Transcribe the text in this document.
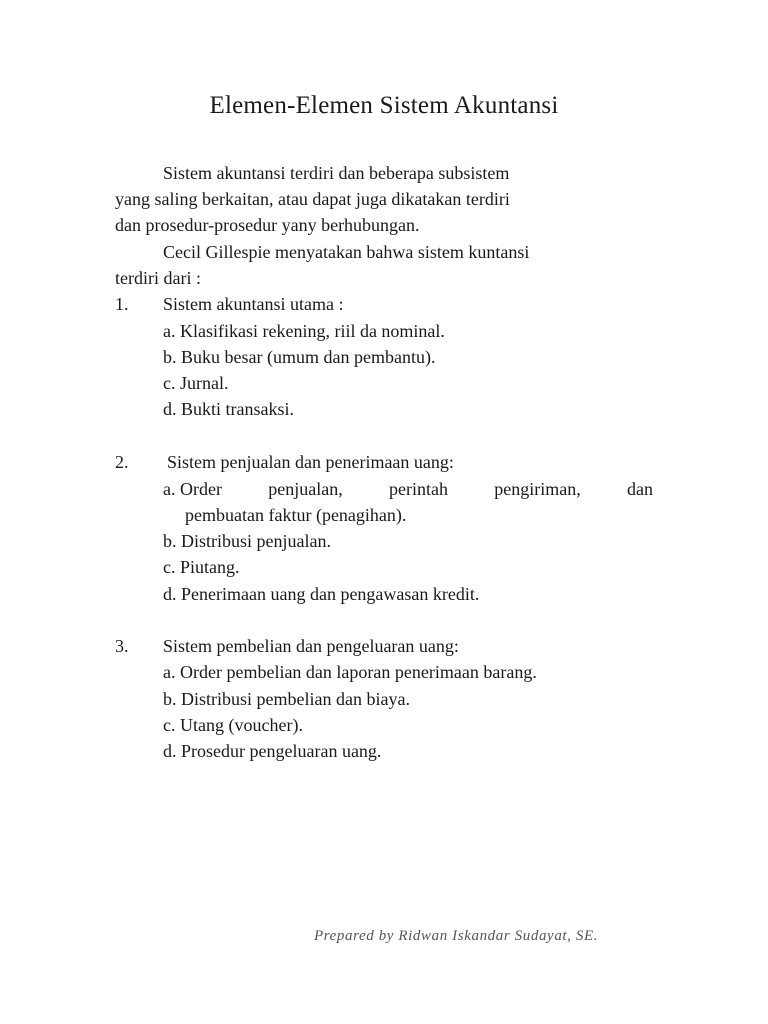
Elemen-Elemen Sistem Akuntansi
Sistem akuntansi terdiri dan beberapa subsistem
yang saling berkaitan, atau dapat juga dikatakan terdiri
dan prosedur-prosedur yany berhubungan.
Cecil Gillespie menyatakan bahwa sistem kuntansi
terdiri dari :
1. Sistem akuntansi utama :
a. Klasifikasi rekening, riil da nominal.
b. Buku besar (umum dan pembantu).
c. Jurnal.
d. Bukti transaksi.
2. Sistem penjualan dan penerimaan uang:
a. Order	penjualan,	perintah	pengiriman,	dan
pembuatan faktur (penagihan).
b. Distribusi penjualan.
c. Piutang.
d. Penerimaan uang dan pengawasan kredit.
3. Sistem pembelian dan pengeluaran uang:
a. Order pembelian dan laporan penerimaan barang.
b. Distribusi pembelian dan biaya.
c. Utang (voucher).
d. Prosedur pengeluaran uang.
Prepared by Ridwan Iskandar Sudayat, SE.
